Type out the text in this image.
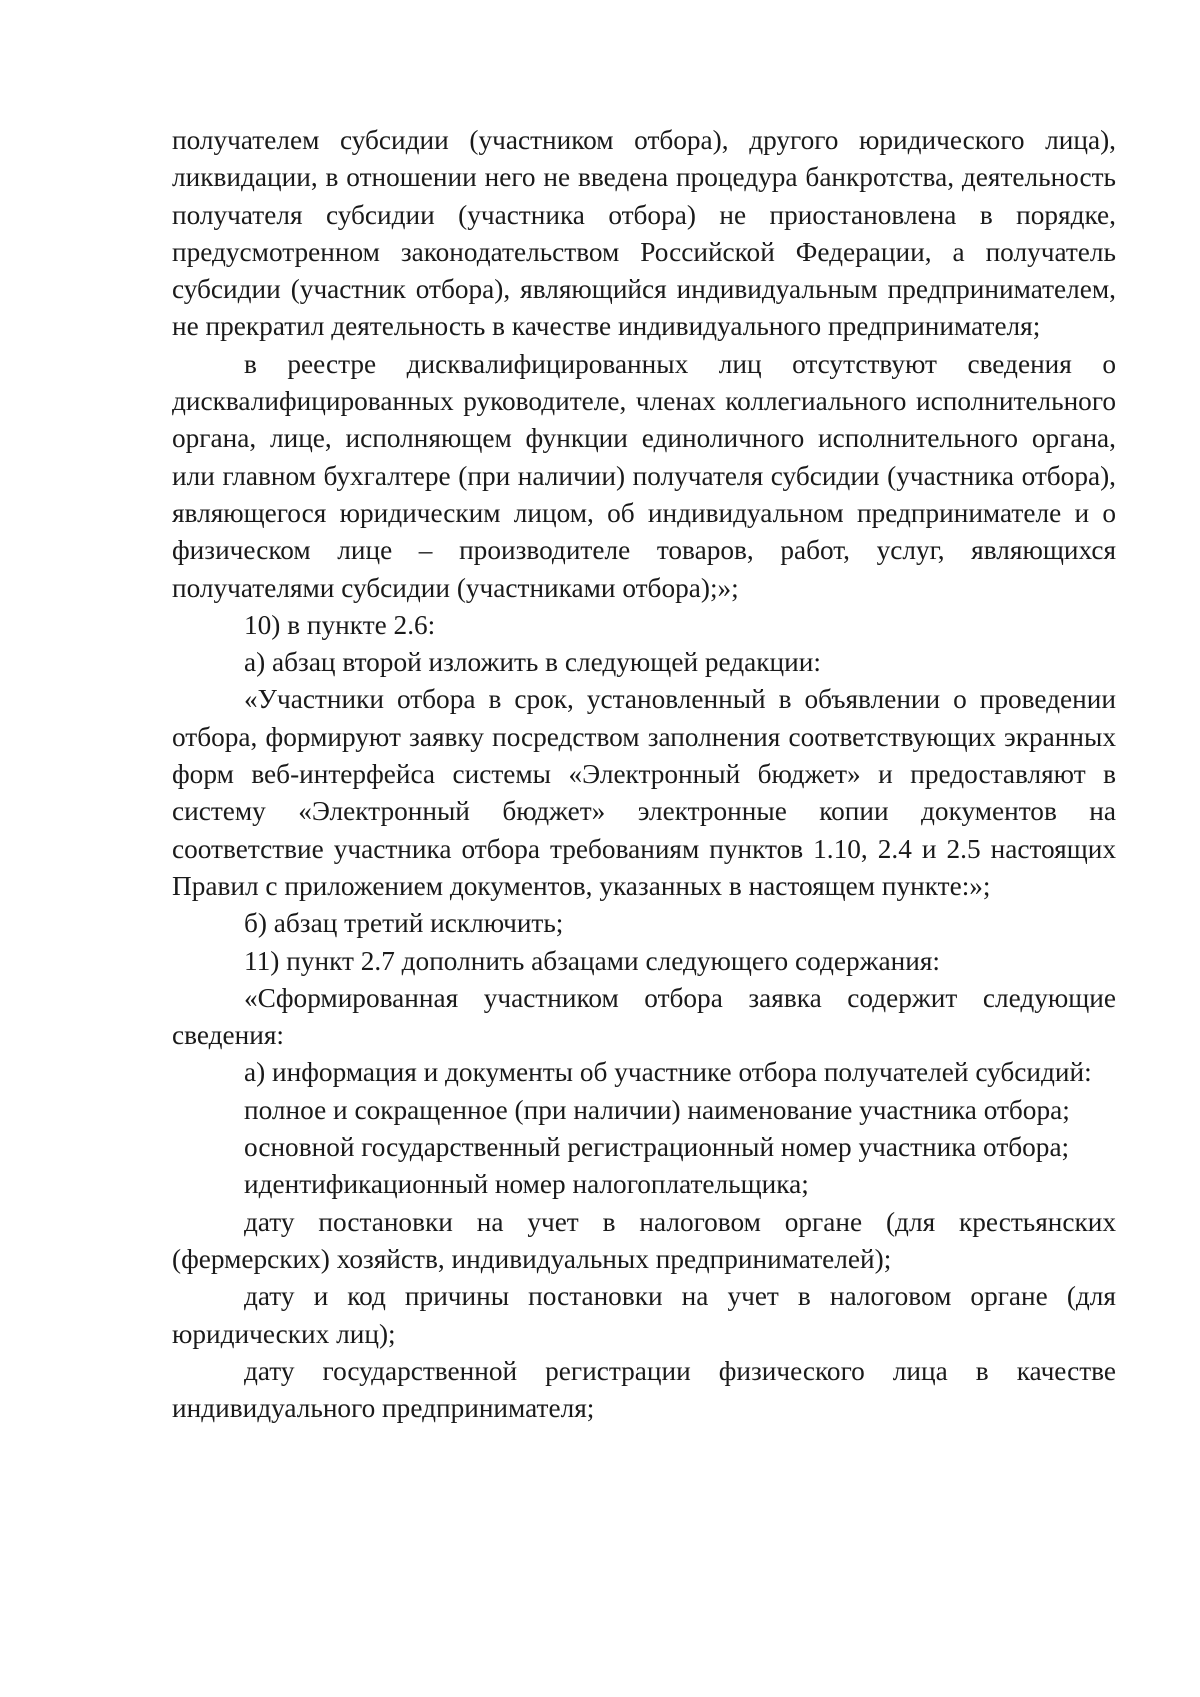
получателем субсидии (участником отбора), другого юридического лица), ликвидации, в отношении него не введена процедура банкротства, деятельность получателя субсидии (участника отбора) не приостановлена в порядке, предусмотренном законодательством Российской Федерации, а получатель субсидии (участник отбора), являющийся индивидуальным предпринимателем, не прекратил деятельность в качестве индивидуального предпринимателя;

в реестре дисквалифицированных лиц отсутствуют сведения о дисквалифицированных руководителе, членах коллегиального исполнительного органа, лице, исполняющем функции единоличного исполнительного органа, или главном бухгалтере (при наличии) получателя субсидии (участника отбора), являющегося юридическим лицом, об индивидуальном предпринимателе и о физическом лице – производителе товаров, работ, услуг, являющихся получателями субсидии (участниками отбора);»;

10) в пункте 2.6:

а) абзац второй изложить в следующей редакции:

«Участники отбора в срок, установленный в объявлении о проведении отбора, формируют заявку посредством заполнения соответствующих экранных форм веб-интерфейса системы «Электронный бюджет» и предоставляют в систему «Электронный бюджет» электронные копии документов на соответствие участника отбора требованиям пунктов 1.10, 2.4 и 2.5 настоящих Правил с приложением документов, указанных в настоящем пункте:»;

б) абзац третий исключить;

11) пункт 2.7 дополнить абзацами следующего содержания:

«Сформированная участником отбора заявка содержит следующие сведения:

а) информация и документы об участнике отбора получателей субсидий:

полное и сокращенное (при наличии) наименование участника отбора;

основной государственный регистрационный номер участника отбора;

идентификационный номер налогоплательщика;

дату постановки на учет в налоговом органе (для крестьянских (фермерских) хозяйств, индивидуальных предпринимателей);

дату и код причины постановки на учет в налоговом органе (для юридических лиц);

дату государственной регистрации физического лица в качестве индивидуального предпринимателя;
